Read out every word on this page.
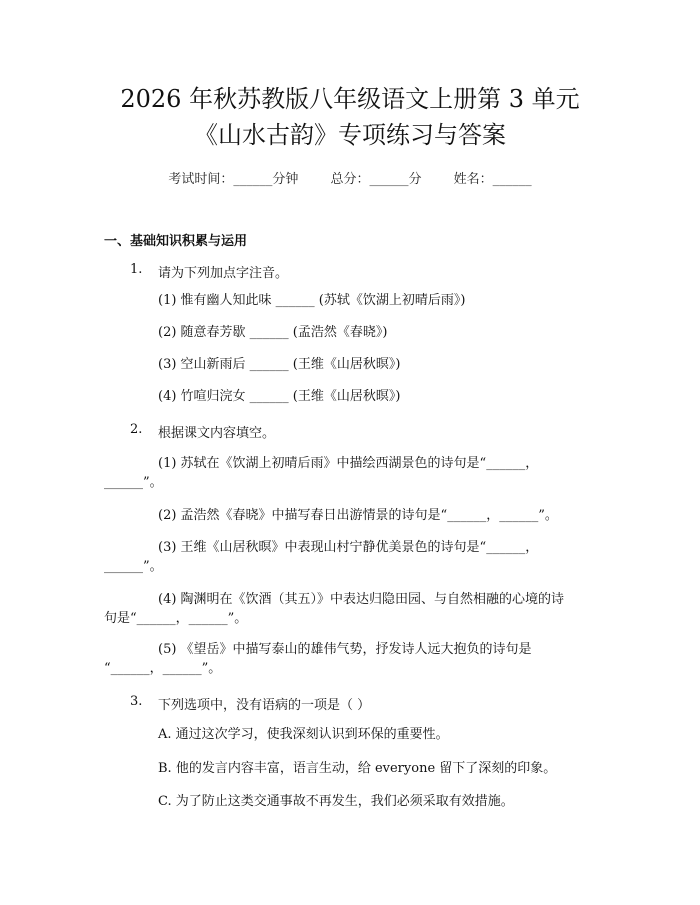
2026 年秋苏教版八年级语文上册第 3 单元
《山水古韵》专项练习与答案
考试时间：______分钟 总分：______分 姓名：______
一、基础知识积累与运用
1. 请为下列加点字注音。
(1) 惟有幽人知此味 ______ (苏轼《饮湖上初晴后雨》)
(2) 随意春芳歇 ______ (孟浩然《春晓》)
(3) 空山新雨后 ______ (王维《山居秋暝》)
(4) 竹喧归浣女 ______ (王维《山居秋暝》)
2. 根据课文内容填空。
(1) 苏轼在《饮湖上初晴后雨》中描绘西湖景色的诗句是“______，
______”。
(2) 孟浩然《春晓》中描写春日出游情景的诗句是“______，______”。
(3) 王维《山居秋暝》中表现山村宁静优美景色的诗句是“______，
______”。
(4) 陶渊明在《饮酒（其五）》中表达归隐田园、与自然相融的心境的诗
句是“______，______”。
(5) 《望岳》中描写泰山的雄伟气势，抒发诗人远大抱负的诗句是
“______，______”。
3. 下列选项中，没有语病的一项是（ ）
A. 通过这次学习，使我深刻认识到环保的重要性。
B. 他的发言内容丰富，语言生动，给 everyone 留下了深刻的印象。
C. 为了防止这类交通事故不再发生，我们必须采取有效措施。
